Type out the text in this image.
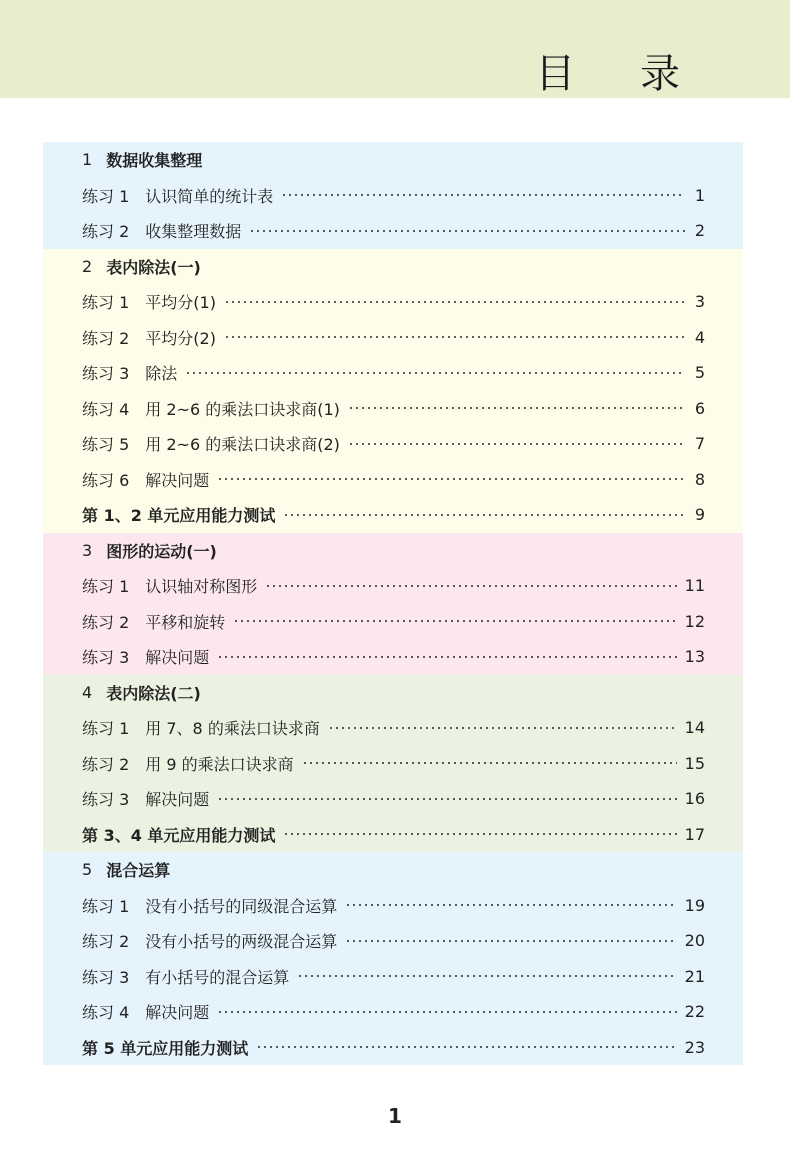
目 录
1 数据收集整理
练习 1 认识简单的统计表	1
练习 2 收集整理数据	2
2 表内除法(一)
练习 1 平均分(1)	3
练习 2 平均分(2)	4
练习 3 除法	5
练习 4 用 2~6 的乘法口诀求商(1)	6
练习 5 用 2~6 的乘法口诀求商(2)	7
练习 6 解决问题	8
第 1、2 单元应用能力测试	9
3 图形的运动(一)
练习 1 认识轴对称图形	11
练习 2 平移和旋转	12
练习 3 解决问题	13
4 表内除法(二)
练习 1 用 7、8 的乘法口诀求商	14
练习 2 用 9 的乘法口诀求商	15
练习 3 解决问题	16
第 3、4 单元应用能力测试	17
5 混合运算
练习 1 没有小括号的同级混合运算	19
练习 2 没有小括号的两级混合运算	20
练习 3 有小括号的混合运算	21
练习 4 解决问题	22
第 5 单元应用能力测试	23
1
